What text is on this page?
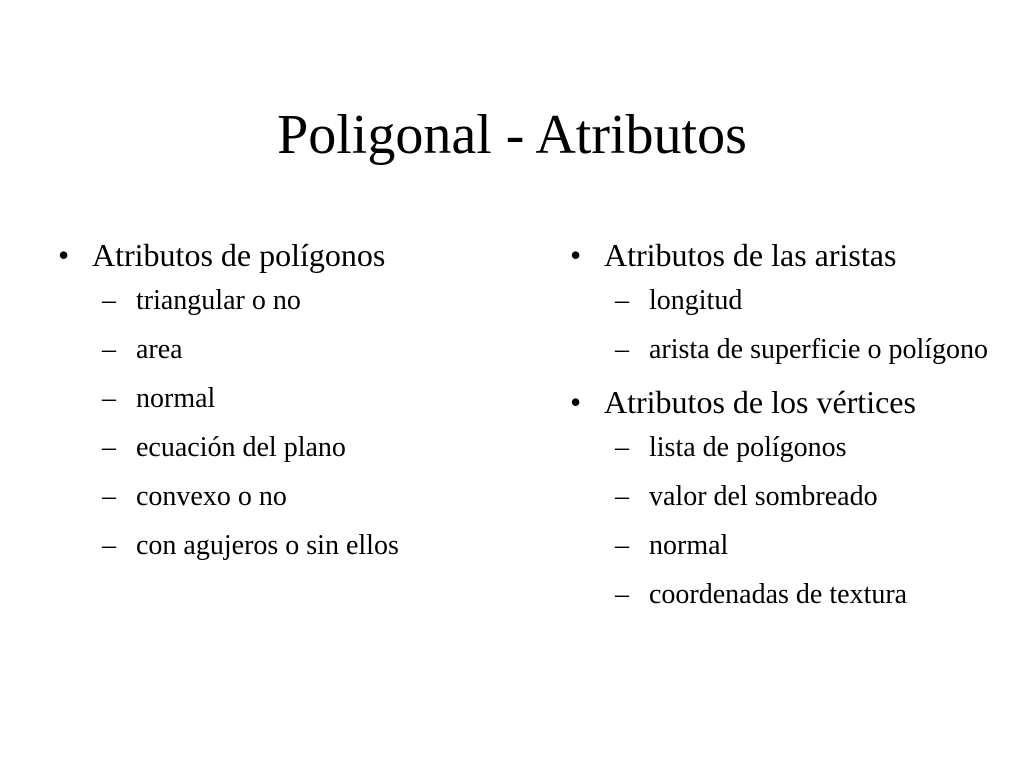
Poligonal - Atributos
• Atributos de polígonos
– triangular o no
– area
– normal
– ecuación del plano
– convexo o no
– con agujeros o sin ellos
• Atributos de las aristas
– longitud
– arista de superficie o polígono
• Atributos de los vértices
– lista de polígonos
– valor del sombreado
– normal
– coordenadas de textura
